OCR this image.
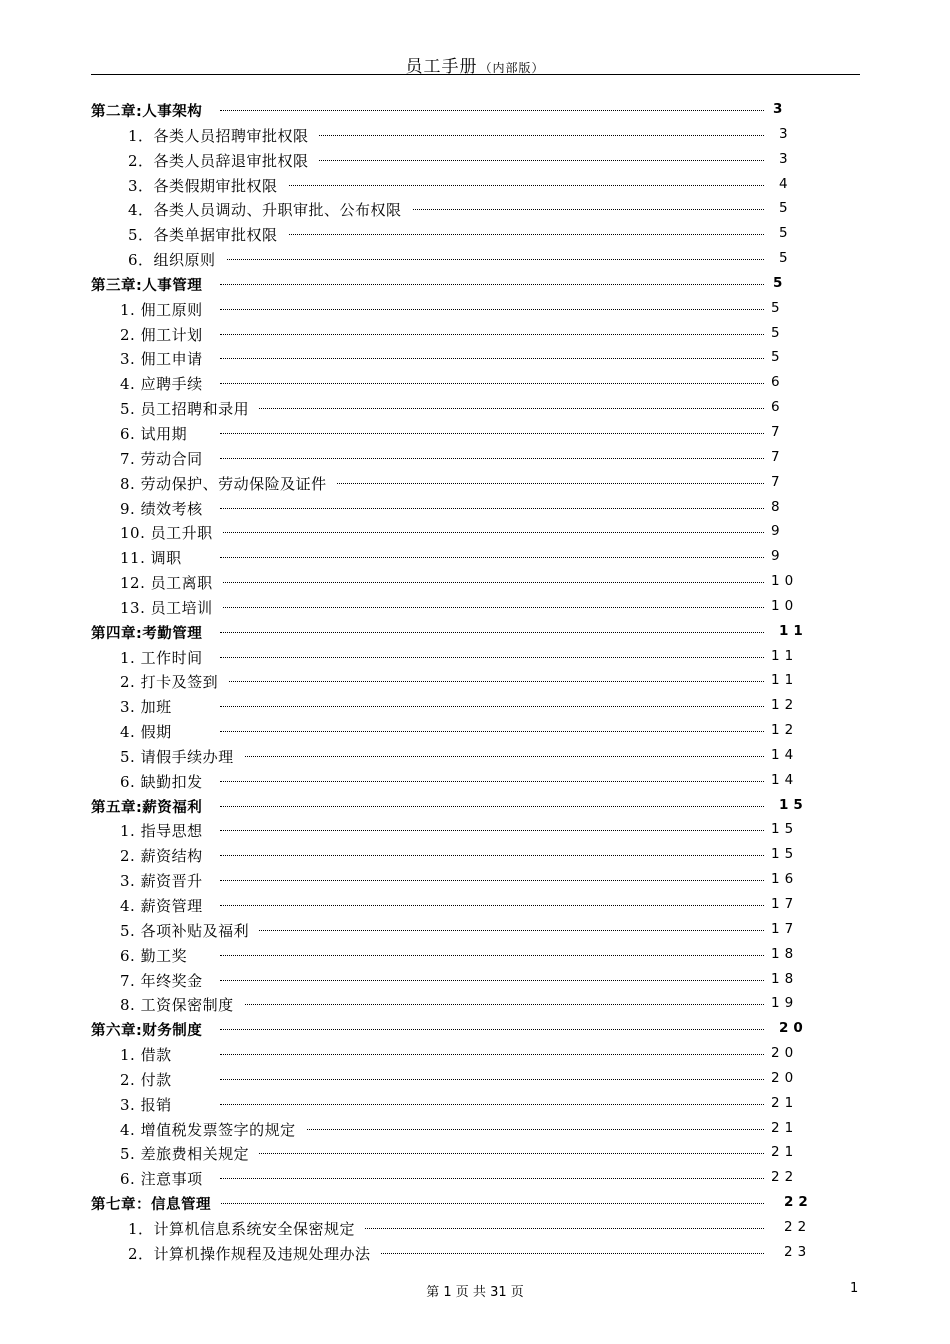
员工手册 （内部版）
第二章:人事架构	3
1．各类人员招聘审批权限	3
2．各类人员辞退审批权限	3
3．各类假期审批权限	4
4．各类人员调动、升职审批、公布权限	5
5．各类单据审批权限	5
6．组织原则	5
第三章:人事管理	5
1. 佣工原则	5
2. 佣工计划	5
3. 佣工申请	5
4. 应聘手续	6
5. 员工招聘和录用	6
6. 试用期	7
7. 劳动合同	7
8. 劳动保护、劳动保险及证件	7
9. 绩效考核	8
10. 员工升职	9
11. 调职	9
12. 员工离职	10
13. 员工培训	10
第四章:考勤管理	11
1. 工作时间	11
2. 打卡及签到	11
3. 加班	12
4. 假期	12
5. 请假手续办理	14
6. 缺勤扣发	14
第五章:薪资福利	15
1. 指导思想	15
2. 薪资结构	15
3. 薪资晋升	16
4. 薪资管理	17
5. 各项补贴及福利	17
6. 勤工奖	18
7. 年终奖金	18
8. 工资保密制度	19
第六章:财务制度	20
1. 借款	20
2. 付款	20
3. 报销	21
4. 增值税发票签字的规定	21
5. 差旅费相关规定	21
6. 注意事项	22
第七章：信息管理	22
1．计算机信息系统安全保密规定	22
2．计算机操作规程及违规处理办法	23
第 1 页 共 31 页	1
